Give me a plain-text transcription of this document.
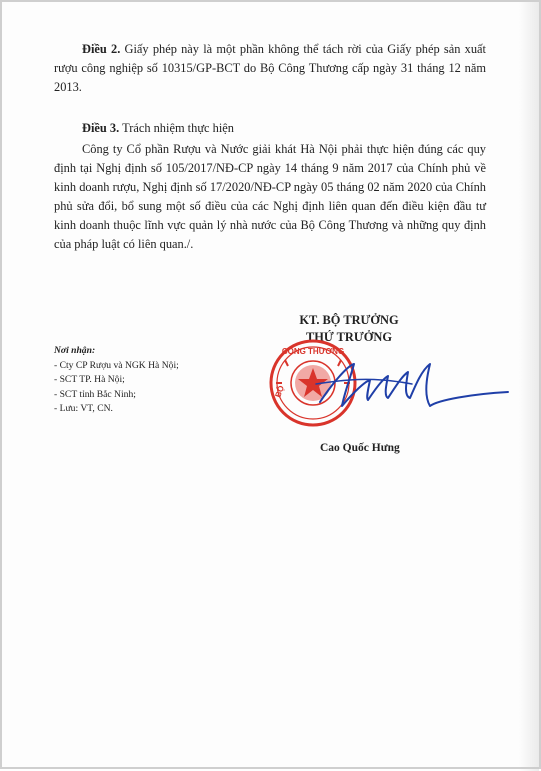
Điều 2. Giấy phép này là một phần không thể tách rời của Giấy phép sản xuất rượu công nghiệp số 10315/GP-BCT do Bộ Công Thương cấp ngày 31 tháng 12 năm 2013.

Điều 3. Trách nhiệm thực hiện

Công ty Cổ phần Rượu và Nước giải khát Hà Nội phải thực hiện đúng các quy định tại Nghị định số 105/2017/NĐ-CP ngày 14 tháng 9 năm 2017 của Chính phủ về kinh doanh rượu, Nghị định số 17/2020/NĐ-CP ngày 05 tháng 02 năm 2020 của Chính phủ sửa đổi, bổ sung một số điều của các Nghị định liên quan đến điều kiện đầu tư kinh doanh thuộc lĩnh vực quản lý nhà nước của Bộ Công Thương và những quy định của pháp luật có liên quan./.

Nơi nhận:
- Cty CP Rượu và NGK Hà Nội;
- SCT TP. Hà Nội;
- SCT tỉnh Bắc Ninh;
- Lưu: VT, CN.
KT. BỘ TRƯỞNG
THỨ TRƯỞNG
CÔNG THƯƠNG
BỘ
Cao Quốc Hưng
